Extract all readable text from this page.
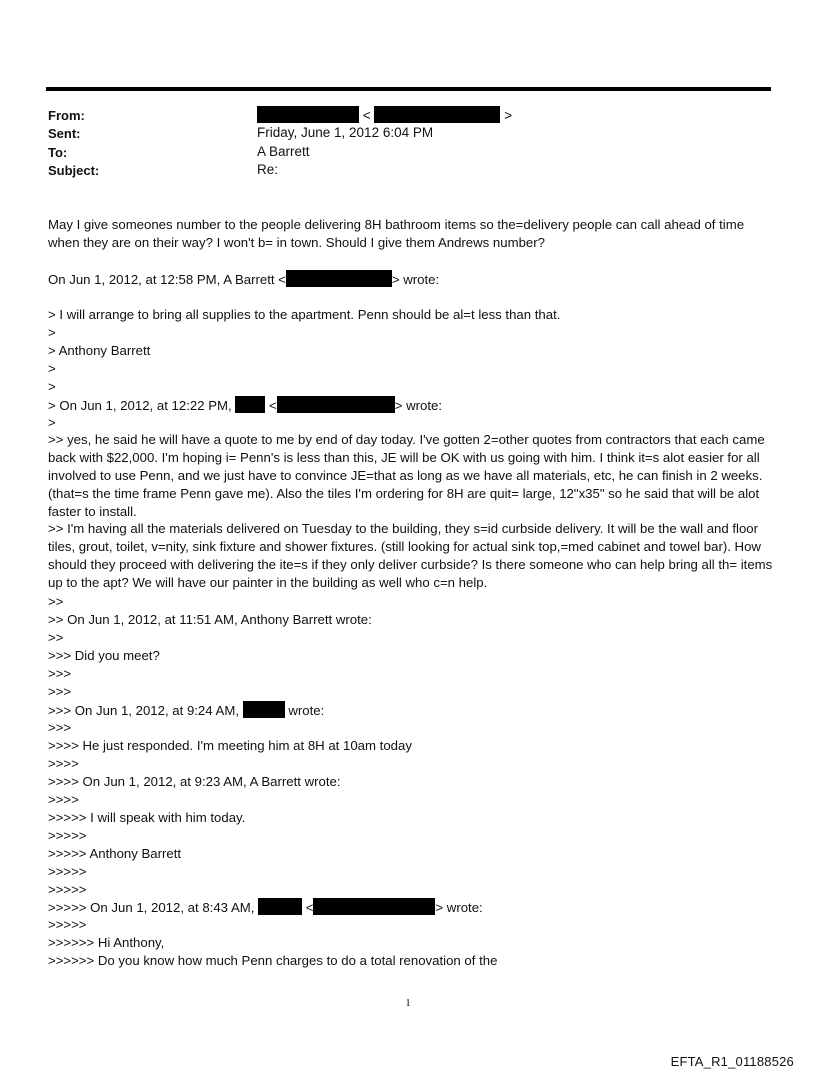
From:	<	>
Sent:	Friday, June 1, 2012 6:04 PM
To:	A Barrett
Subject:	Re:
May I give someones number to the people delivering 8H bathroom items so the=delivery people can call ahead of time when they are on their way? I won't b= in town. Should I give them Andrews number?
On Jun 1, 2012, at 12:58 PM, A Barrett <	> wrote:
> I will arrange to bring all supplies to the apartment. Penn should be al=t less than that.
>
> Anthony Barrett
>
>
> On Jun 1, 2012, at 12:22 PM,	<	> wrote:
>
>> yes, he said he will have a quote to me by end of day today. I've gotten 2=other quotes from contractors that each came back with $22,000. I'm hoping i= Penn's is less than this, JE will be OK with us going with him. I think it=s alot easier for all involved to use Penn, and we just have to convince JE=that as long as we have all materials, etc, he can finish in 2 weeks. (that=s the time frame Penn gave me). Also the tiles I'm ordering for 8H are quit= large, 12"x35" so he said that will be alot faster to install.
>> I'm having all the materials delivered on Tuesday to the building, they s=id curbside delivery. It will be the wall and floor tiles, grout, toilet, v=nity, sink fixture and shower fixtures. (still looking for actual sink top,=med cabinet and towel bar). How should they proceed with delivering the ite=s if they only deliver curbside? Is there someone who can help bring all th= items up to the apt? We will have our painter in the building as well who c=n help.
>>
>> On Jun 1, 2012, at 11:51 AM, Anthony Barrett wrote:
>>
>>> Did you meet?
>>>
>>>
>>> On Jun 1, 2012, at 9:24 AM,	wrote:
>>>
>>>> He just responded. I'm meeting him at 8H at 10am today
>>>>
>>>> On Jun 1, 2012, at 9:23 AM, A Barrett wrote:
>>>>
>>>>> I will speak with him today.
>>>>>
>>>>> Anthony Barrett
>>>>>
>>>>>
>>>>> On Jun 1, 2012, at 8:43 AM,	<	> wrote:
>>>>>
>>>>>> Hi Anthony,
>>>>>> Do you know how much Penn charges to do a total renovation of the
1
EFTA_R1_01188526
